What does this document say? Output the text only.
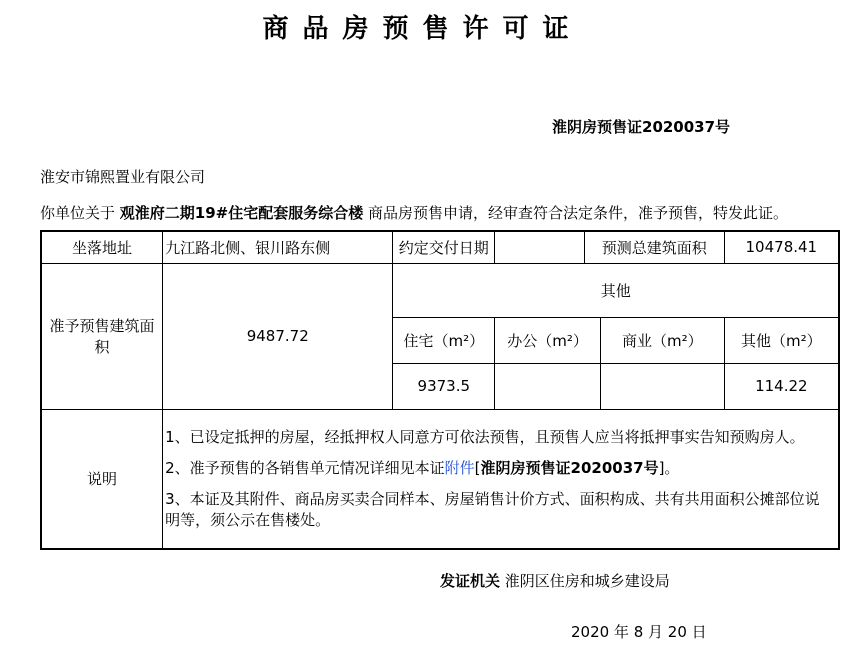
商品房预售许可证
淮阴房预售证2020037号
淮安市锦熙置业有限公司
你单位关于 观淮府二期19#住宅配套服务综合楼 商品房预售申请，经审查符合法定条件，准予预售，特发此证。
坐落地址	九江路北侧、银川路东侧	约定交付日期		预测总建筑面积		10478.41
准予预售建筑面积	9487.72	其他				
		住宅（m²）	办公（m²）		商业（m²）	其他（m²）
		9373.5				114.22
说明	1、已设定抵押的房屋，经抵押权人同意方可依法预售，且预售人应当将抵押事实告知预购房人。

2、准予预售的各销售单元情况详细见本证附件[淮阴房预售证2020037号]。

3、本证及其附件、商品房买卖合同样本、房屋销售计价方式、面积构成、共有共用面积公摊部位说明等，须公示在售楼处。					

发证机关 淮阴区住房和城乡建设局
2020 年 8 月 20 日
